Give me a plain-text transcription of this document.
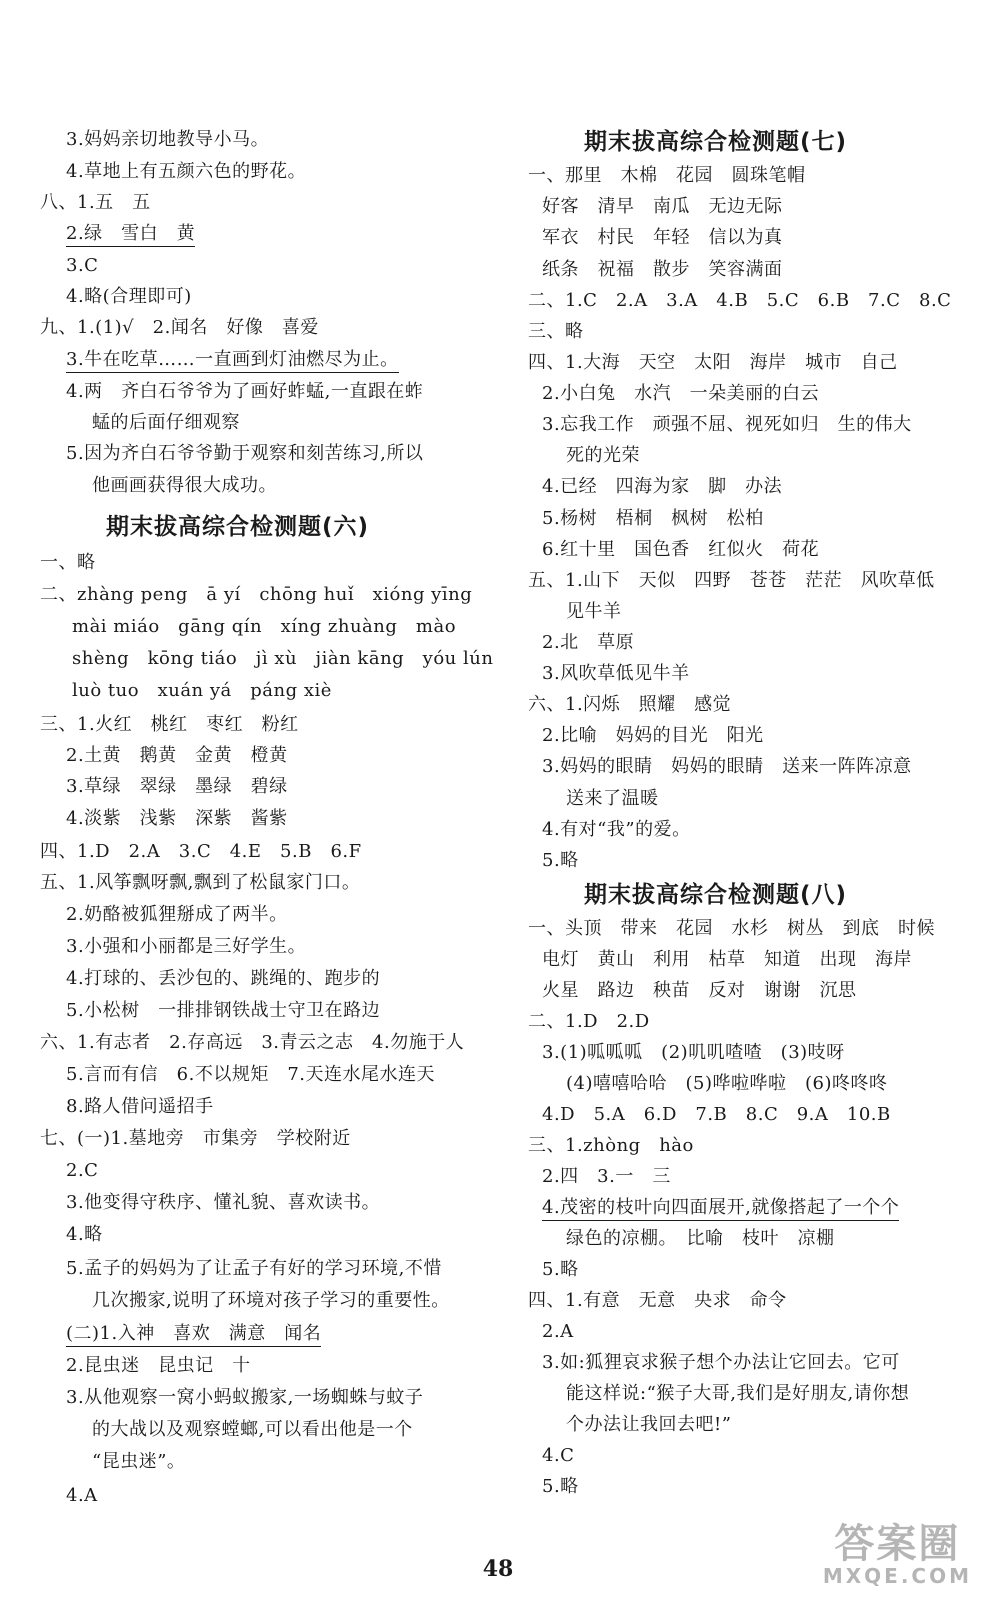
3.妈妈亲切地教导小马。
4.草地上有五颜六色的野花。
八、1.五　五
2.绿　雪白　黄
3.C
4.略(合理即可)
九、1.(1)√　2.闻名　好像　喜爱
3.牛在吃草……一直画到灯油燃尽为止。
4.两　齐白石爷爷为了画好蚱蜢,一直跟在蚱
蜢的后面仔细观察
5.因为齐白石爷爷勤于观察和刻苦练习,所以
他画画获得很大成功。
期末拔高综合检测题(六)
一、略
二、zhàng peng　ā yí　chōng huǐ　xióng yīng
mài miáo　gāng qín　xíng zhuàng　mào
shèng　kōng tiáo　jì xù　jiàn kāng　yóu lún
luò tuo　xuán yá　páng xiè
三、1.火红　桃红　枣红　粉红
2.土黄　鹅黄　金黄　橙黄
3.草绿　翠绿　墨绿　碧绿
4.淡紫　浅紫　深紫　酱紫
四、1.D　2.A　3.C　4.E　5.B　6.F
五、1.风筝飘呀飘,飘到了松鼠家门口。
2.奶酪被狐狸掰成了两半。
3.小强和小丽都是三好学生。
4.打球的、丢沙包的、跳绳的、跑步的
5.小松树　一排排钢铁战士守卫在路边
六、1.有志者　2.存高远　3.青云之志　4.勿施于人
5.言而有信　6.不以规矩　7.天连水尾水连天
8.路人借问遥招手
七、(一)1.墓地旁　市集旁　学校附近
2.C
3.他变得守秩序、懂礼貌、喜欢读书。
4.略
5.孟子的妈妈为了让孟子有好的学习环境,不惜
几次搬家,说明了环境对孩子学习的重要性。
(二)1.入神　喜欢　满意　闻名
2.昆虫迷　昆虫记　十
3.从他观察一窝小蚂蚁搬家,一场蜘蛛与蚊子
的大战以及观察螳螂,可以看出他是一个
“昆虫迷”。
4.A
期末拔高综合检测题(七)
一、那里　木棉　花园　圆珠笔帽
好客　清早　南瓜　无边无际
军衣　村民　年轻　信以为真
纸条　祝福　散步　笑容满面
二、1.C　2.A　3.A　4.B　5.C　6.B　7.C　8.C
三、略
四、1.大海　天空　太阳　海岸　城市　自己
2.小白兔　水汽　一朵美丽的白云
3.忘我工作　顽强不屈、视死如归　生的伟大
死的光荣
4.已经　四海为家　脚　办法
5.杨树　梧桐　枫树　松柏
6.红十里　国色香　红似火　荷花
五、1.山下　天似　四野　苍苍　茫茫　风吹草低
见牛羊
2.北　草原
3.风吹草低见牛羊
六、1.闪烁　照耀　感觉
2.比喻　妈妈的目光　阳光
3.妈妈的眼睛　妈妈的眼睛　送来一阵阵凉意
送来了温暖
4.有对“我”的爱。
5.略
期末拔高综合检测题(八)
一、头顶　带来　花园　水杉　树丛　到底　时候
电灯　黄山　利用　枯草　知道　出现　海岸
火星　路边　秧苗　反对　谢谢　沉思
二、1.D　2.D
3.(1)呱呱呱　(2)叽叽喳喳　(3)吱呀
(4)嘻嘻哈哈　(5)哗啦哗啦　(6)咚咚咚
4.D　5.A　6.D　7.B　8.C　9.A　10.B
三、1.zhòng　hào
2.四　3.一　三
4.茂密的枝叶向四面展开,就像搭起了一个个
绿色的凉棚。　比喻　枝叶　凉棚
5.略
四、1.有意　无意　央求　命令
2.A
3.如:狐狸哀求猴子想个办法让它回去。它可
能这样说:“猴子大哥,我们是好朋友,请你想
个办法让我回去吧!”
4.C
5.略
48
答案圈
MXQE.COM
